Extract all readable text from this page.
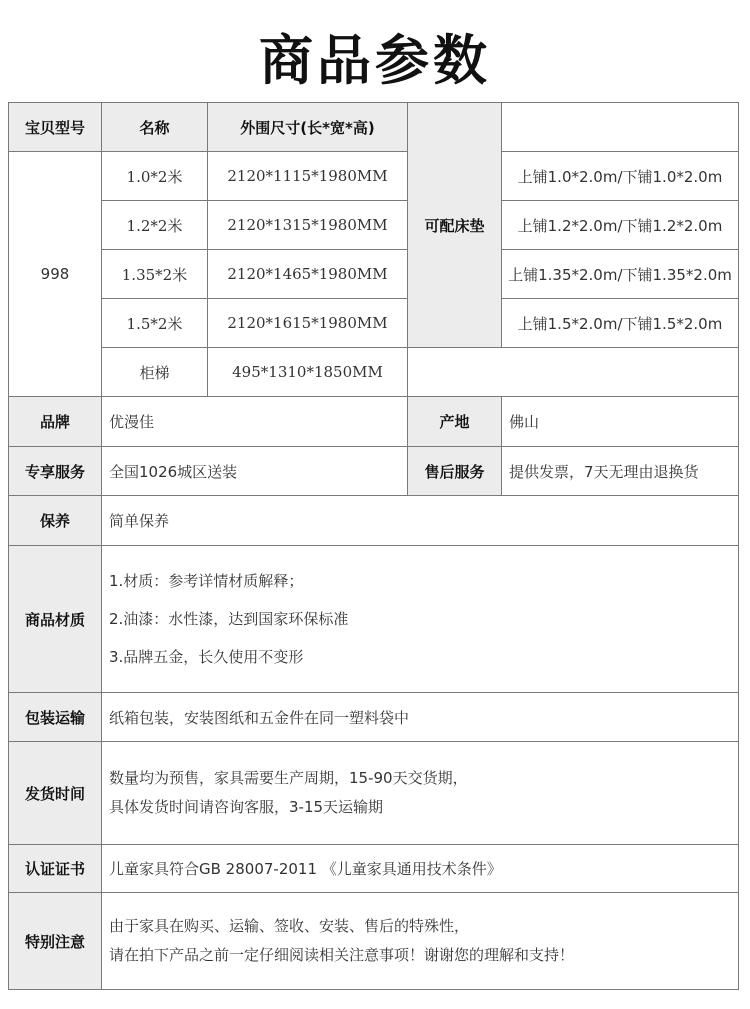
商品参数
宝贝型号	名称	外围尺寸(长*宽*高)	可配床垫	
998	1.0*2米	2120*1115*1980MM		上铺1.0*2.0m/下铺1.0*2.0m
	1.2*2米	2120*1315*1980MM		上铺1.2*2.0m/下铺1.2*2.0m
	1.35*2米	2120*1465*1980MM		上铺1.35*2.0m/下铺1.35*2.0m
	1.5*2米	2120*1615*1980MM		上铺1.5*2.0m/下铺1.5*2.0m
	柜梯	495*1310*1850MM		
品牌	优漫佳		产地	佛山
专享服务	全国1026城区送装		售后服务	提供发票，7天无理由退换货
保养	简单保养			
商品材质	1.材质：参考详情材质解释；
2.油漆：水性漆，达到国家环保标准
3.品牌五金，长久使用不变形			

包装运输	纸箱包装，安装图纸和五金件在同一塑料袋中			
发货时间	数量均为预售，家具需要生产周期，15-90天交货期，
具体发货时间请咨询客服，3-15天运输期			

认证证书	儿童家具符合GB 28007-2011 《儿童家具通用技术条件》			
特别注意	由于家具在购买、运输、签收、安装、售后的特殊性，
请在拍下产品之前一定仔细阅读相关注意事项！谢谢您的理解和支持！			
